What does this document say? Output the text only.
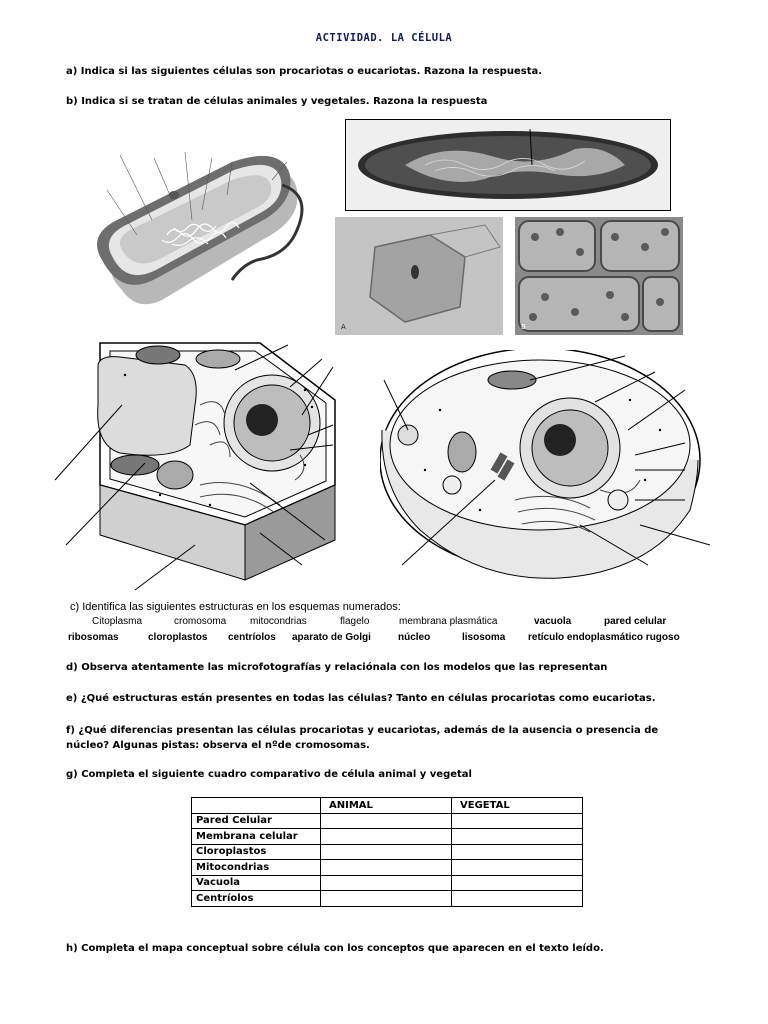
ACTIVIDAD. LA CÉLULA
a) Indica si las siguientes células son procariotas o eucariotas. Razona la respuesta.
b) Indica si se tratan de células animales y vegetales. Razona la respuesta
A	B
c) Identifica las siguientes estructuras en los esquemas numerados:
Citoplasma	cromosoma mitocondrias	flagelo	membrana plasmática	vacuola	pared celular
ribosomas	cloroplastos centríolos aparato de Golgi	núcleo	lisosoma retículo endoplasmático rugoso
d) Observa atentamente las microfotografías y relaciónala con los modelos que las representan
e) ¿Qué estructuras están presentes en todas las células? Tanto en células procariotas como eucariotas.
f) ¿Qué diferencias presentan las células procariotas y eucariotas, además de la ausencia o presencia de núcleo? Algunas pistas: observa el nºde cromosomas.
g) Completa el siguiente cuadro comparativo de célula animal y vegetal
	ANIMAL	VEGETAL
Pared Celular		
Membrana celular		
Cloroplastos		
Mitocondrias		
Vacuola		
Centríolos		
h) Completa el mapa conceptual sobre célula con los conceptos que aparecen en el texto leído.
